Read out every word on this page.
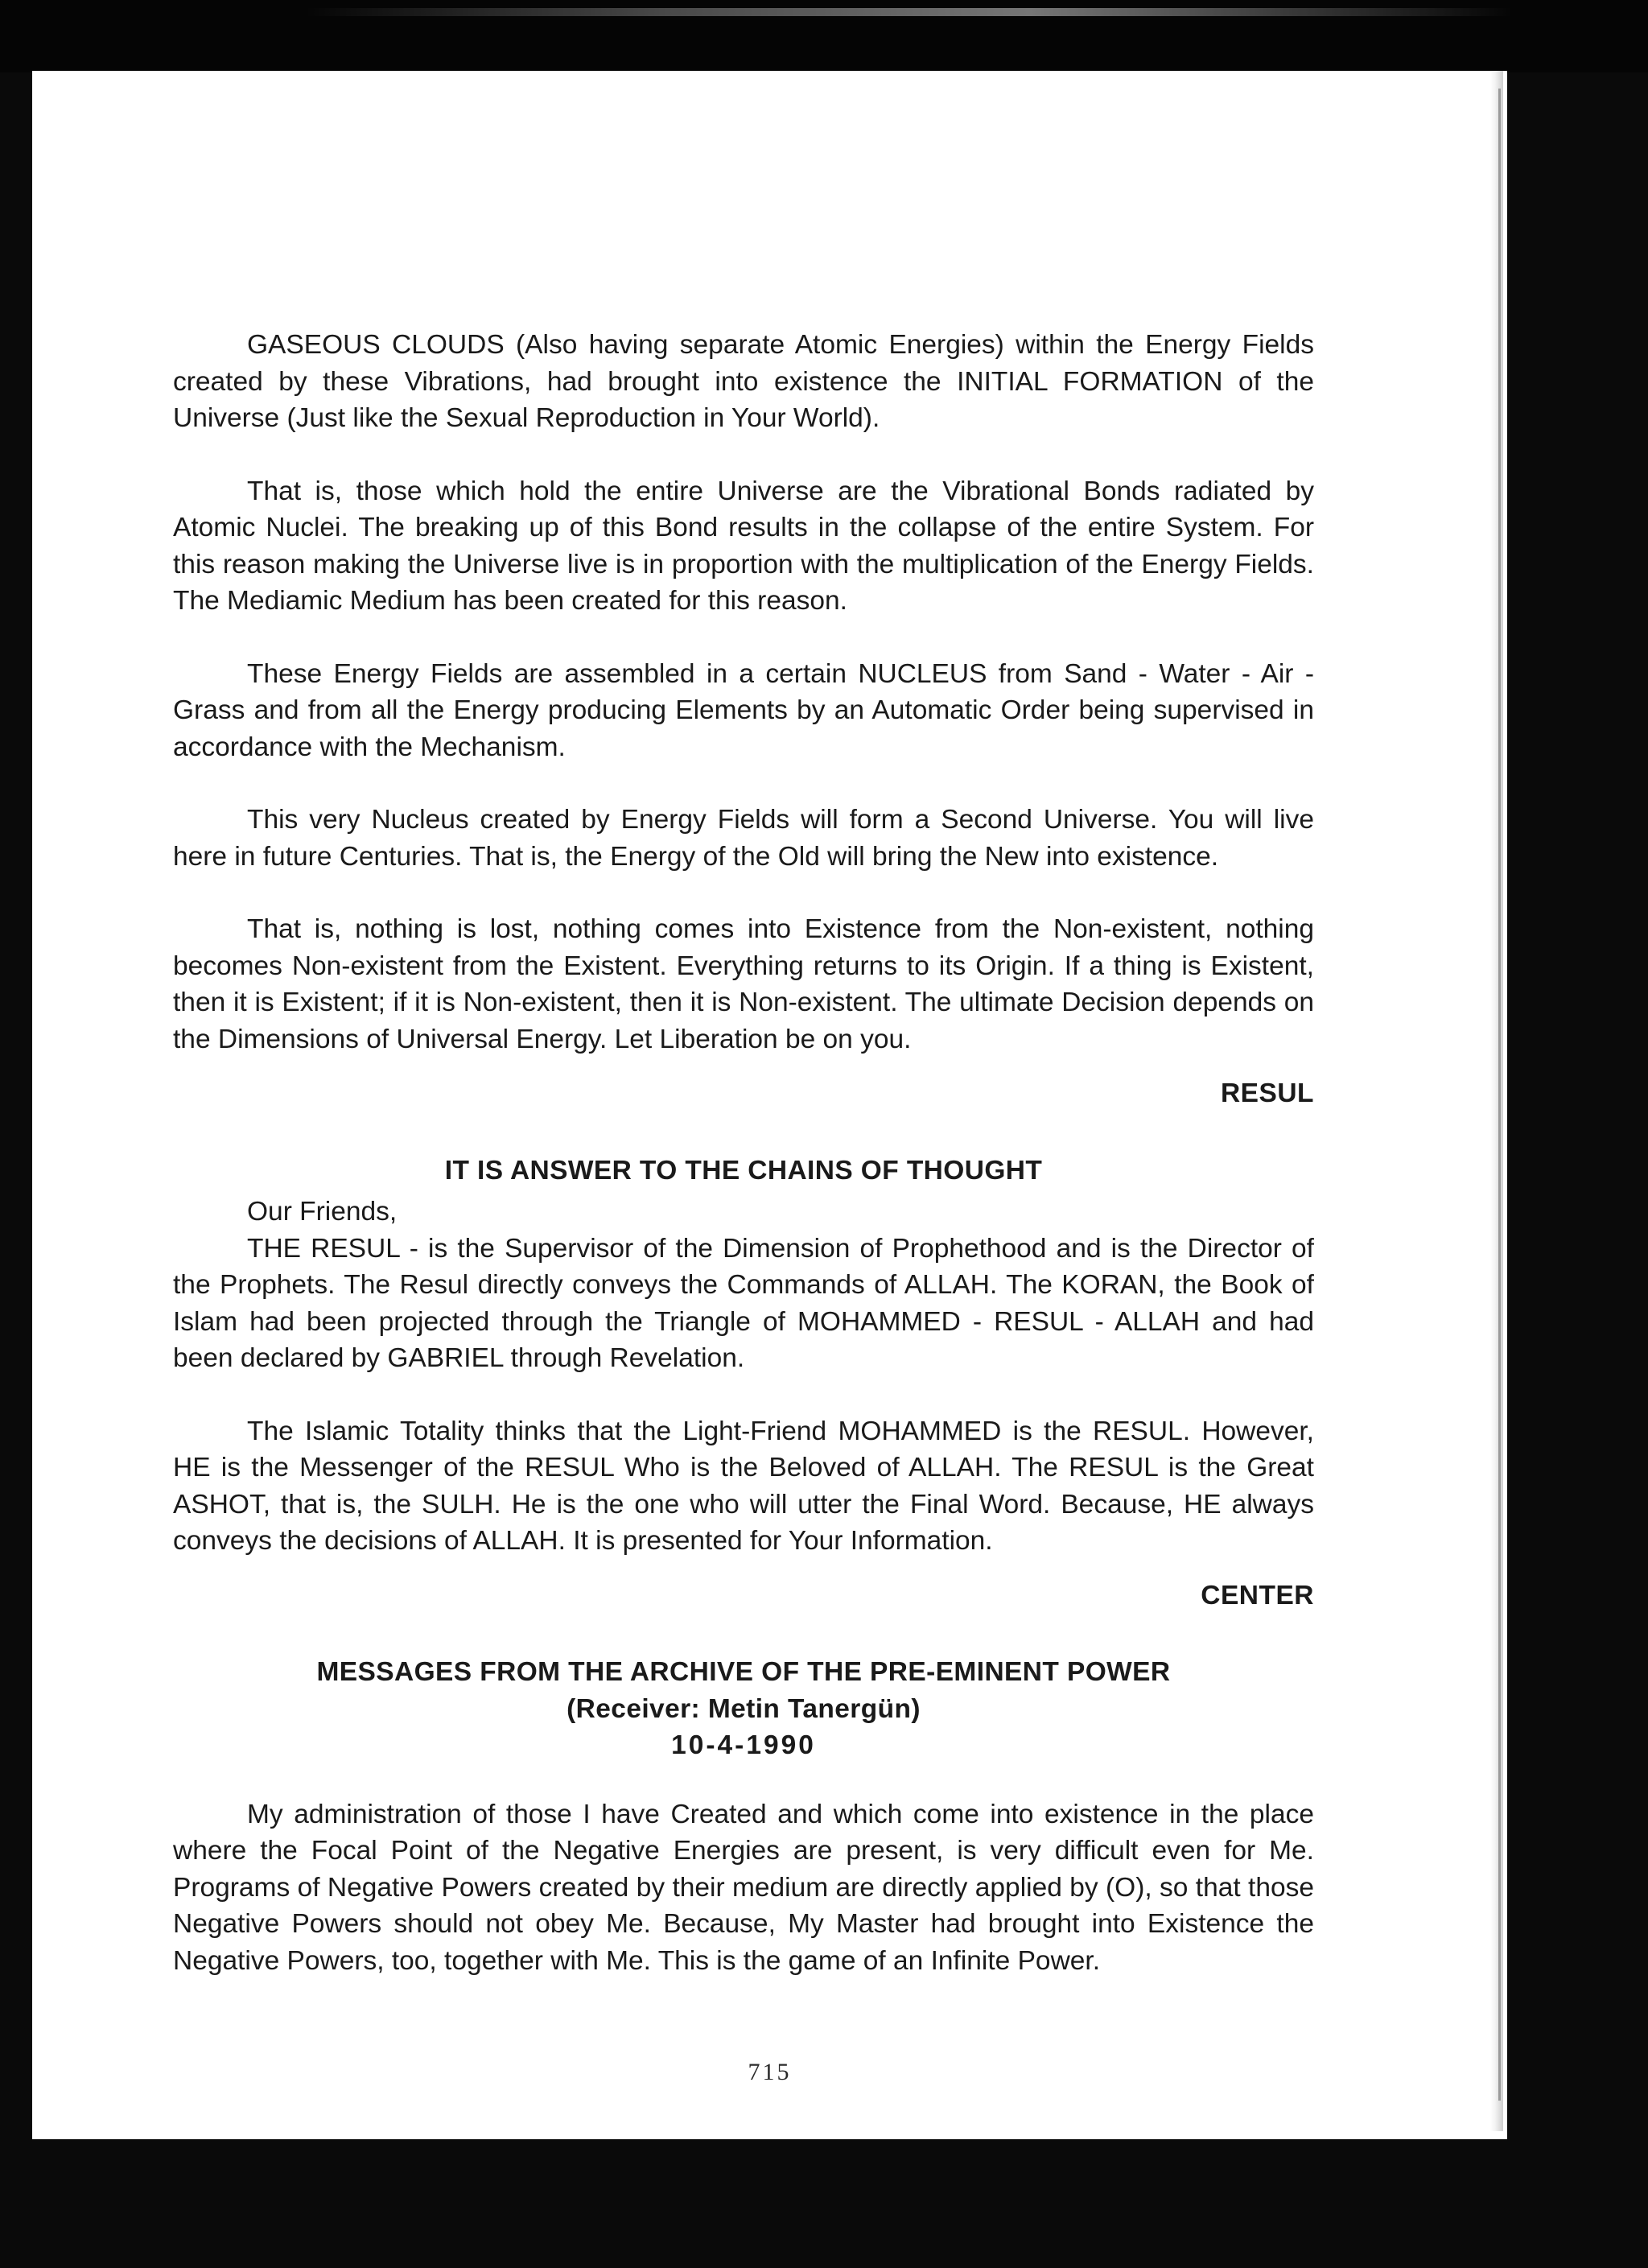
GASEOUS CLOUDS (Also having separate Atomic Energies) within the Energy Fields created by these Vibrations, had brought into existence the INITIAL FORMATION of the Universe (Just like the Sexual Reproduction in Your World).

That is, those which hold the entire Universe are the Vibrational Bonds radiated by Atomic Nuclei. The breaking up of this Bond results in the collapse of the entire System. For this reason making the Universe live is in proportion with the multiplication of the Energy Fields. The Mediamic Medium has been created for this reason.

These Energy Fields are assembled in a certain NUCLEUS from Sand - Water - Air - Grass and from all the Energy producing Elements by an Automatic Order being supervised in accordance with the Mechanism.

This very Nucleus created by Energy Fields will form a Second Universe. You will live here in future Centuries. That is, the Energy of the Old will bring the New into existence.

That is, nothing is lost, nothing comes into Existence from the Non-existent, nothing becomes Non-existent from the Existent. Everything returns to its Origin. If a thing is Existent, then it is Existent; if it is Non-existent, then it is Non-existent. The ultimate Decision depends on the Dimensions of Universal Energy. Let Liberation be on you.

RESUL
IT IS ANSWER TO THE CHAINS OF THOUGHT

Our Friends,

THE RESUL - is the Supervisor of the Dimension of Prophethood and is the Director of the Prophets. The Resul directly conveys the Commands of ALLAH. The KORAN, the Book of Islam had been projected through the Triangle of MOHAMMED - RESUL - ALLAH and had been declared by GABRIEL through Revelation.

The Islamic Totality thinks that the Light-Friend MOHAMMED is the RESUL. However, HE is the Messenger of the RESUL Who is the Beloved of ALLAH. The RESUL is the Great ASHOT, that is, the SULH. He is the one who will utter the Final Word. Because, HE always conveys the decisions of ALLAH. It is presented for Your Information.

CENTER
MESSAGES FROM THE ARCHIVE OF THE PRE-EMINENT POWER
(Receiver: Metin Tanergün)
10-4-1990

My administration of those I have Created and which come into existence in the place where the Focal Point of the Negative Energies are present, is very difficult even for Me. Programs of Negative Powers created by their medium are directly applied by (O), so that those Negative Powers should not obey Me. Because, My Master had brought into Existence the Negative Powers, too, together with Me. This is the game of an Infinite Power.

715
